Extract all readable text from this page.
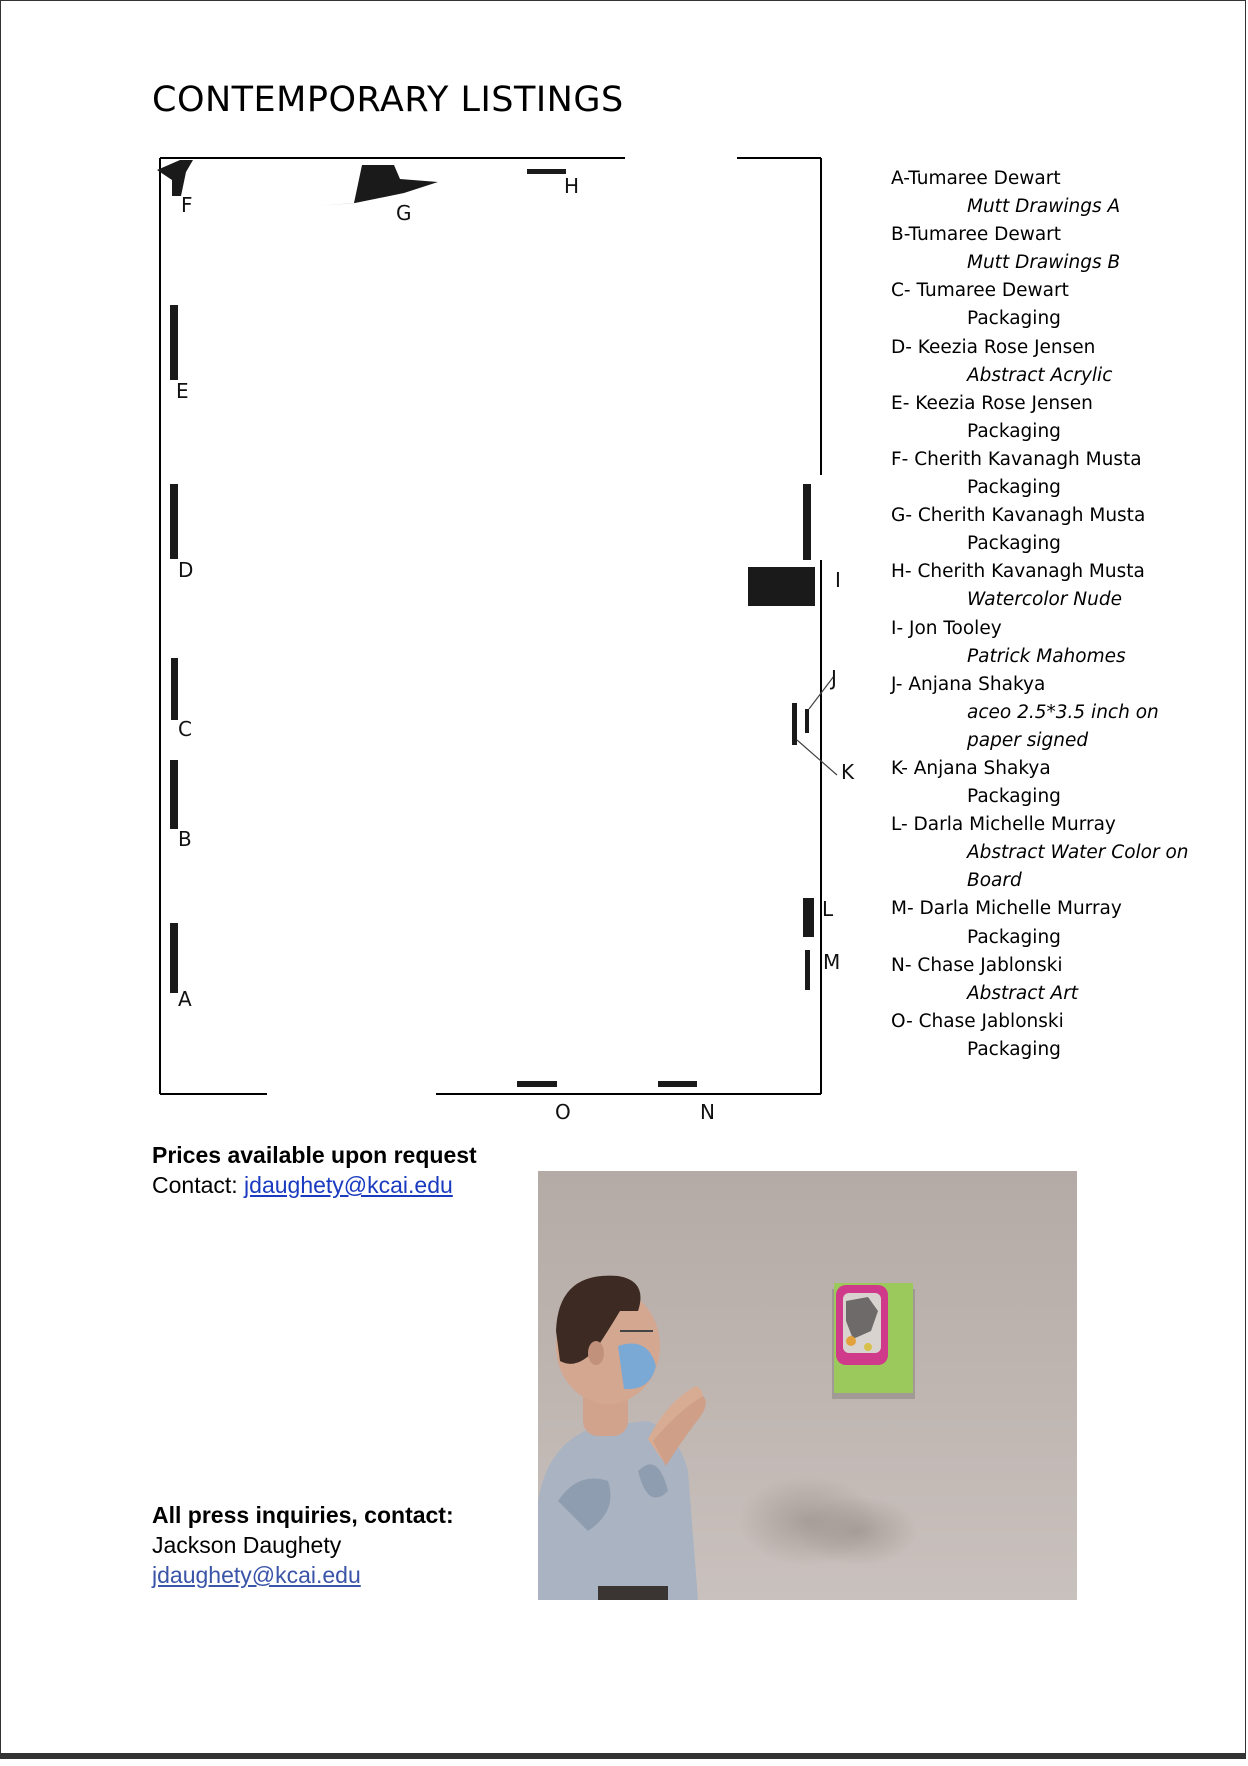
CONTEMPORARY LISTINGS
A
B
C
D
E
F	G
H
I
J
K
L
M
N
O
A-Tumaree Dewart
Mutt Drawings A
B-Tumaree Dewart
Mutt Drawings B
C- Tumaree Dewart
Packaging
D- Keezia Rose Jensen
Abstract Acrylic
E- Keezia Rose Jensen
Packaging
F- Cherith Kavanagh Musta
Packaging
G- Cherith Kavanagh Musta
Packaging
H- Cherith Kavanagh Musta
Watercolor Nude
I- Jon Tooley
Patrick Mahomes
J- Anjana Shakya
aceo 2.5*3.5 inch on
paper signed
K- Anjana Shakya
Packaging
L- Darla Michelle Murray
Abstract Water Color on
Board
M- Darla Michelle Murray
Packaging
N- Chase Jablonski
Abstract Art
O- Chase Jablonski
Packaging
Prices available upon request
Contact: jdaughety@kcai.edu
All press inquiries, contact:
Jackson Daughety
jdaughety@kcai.edu
